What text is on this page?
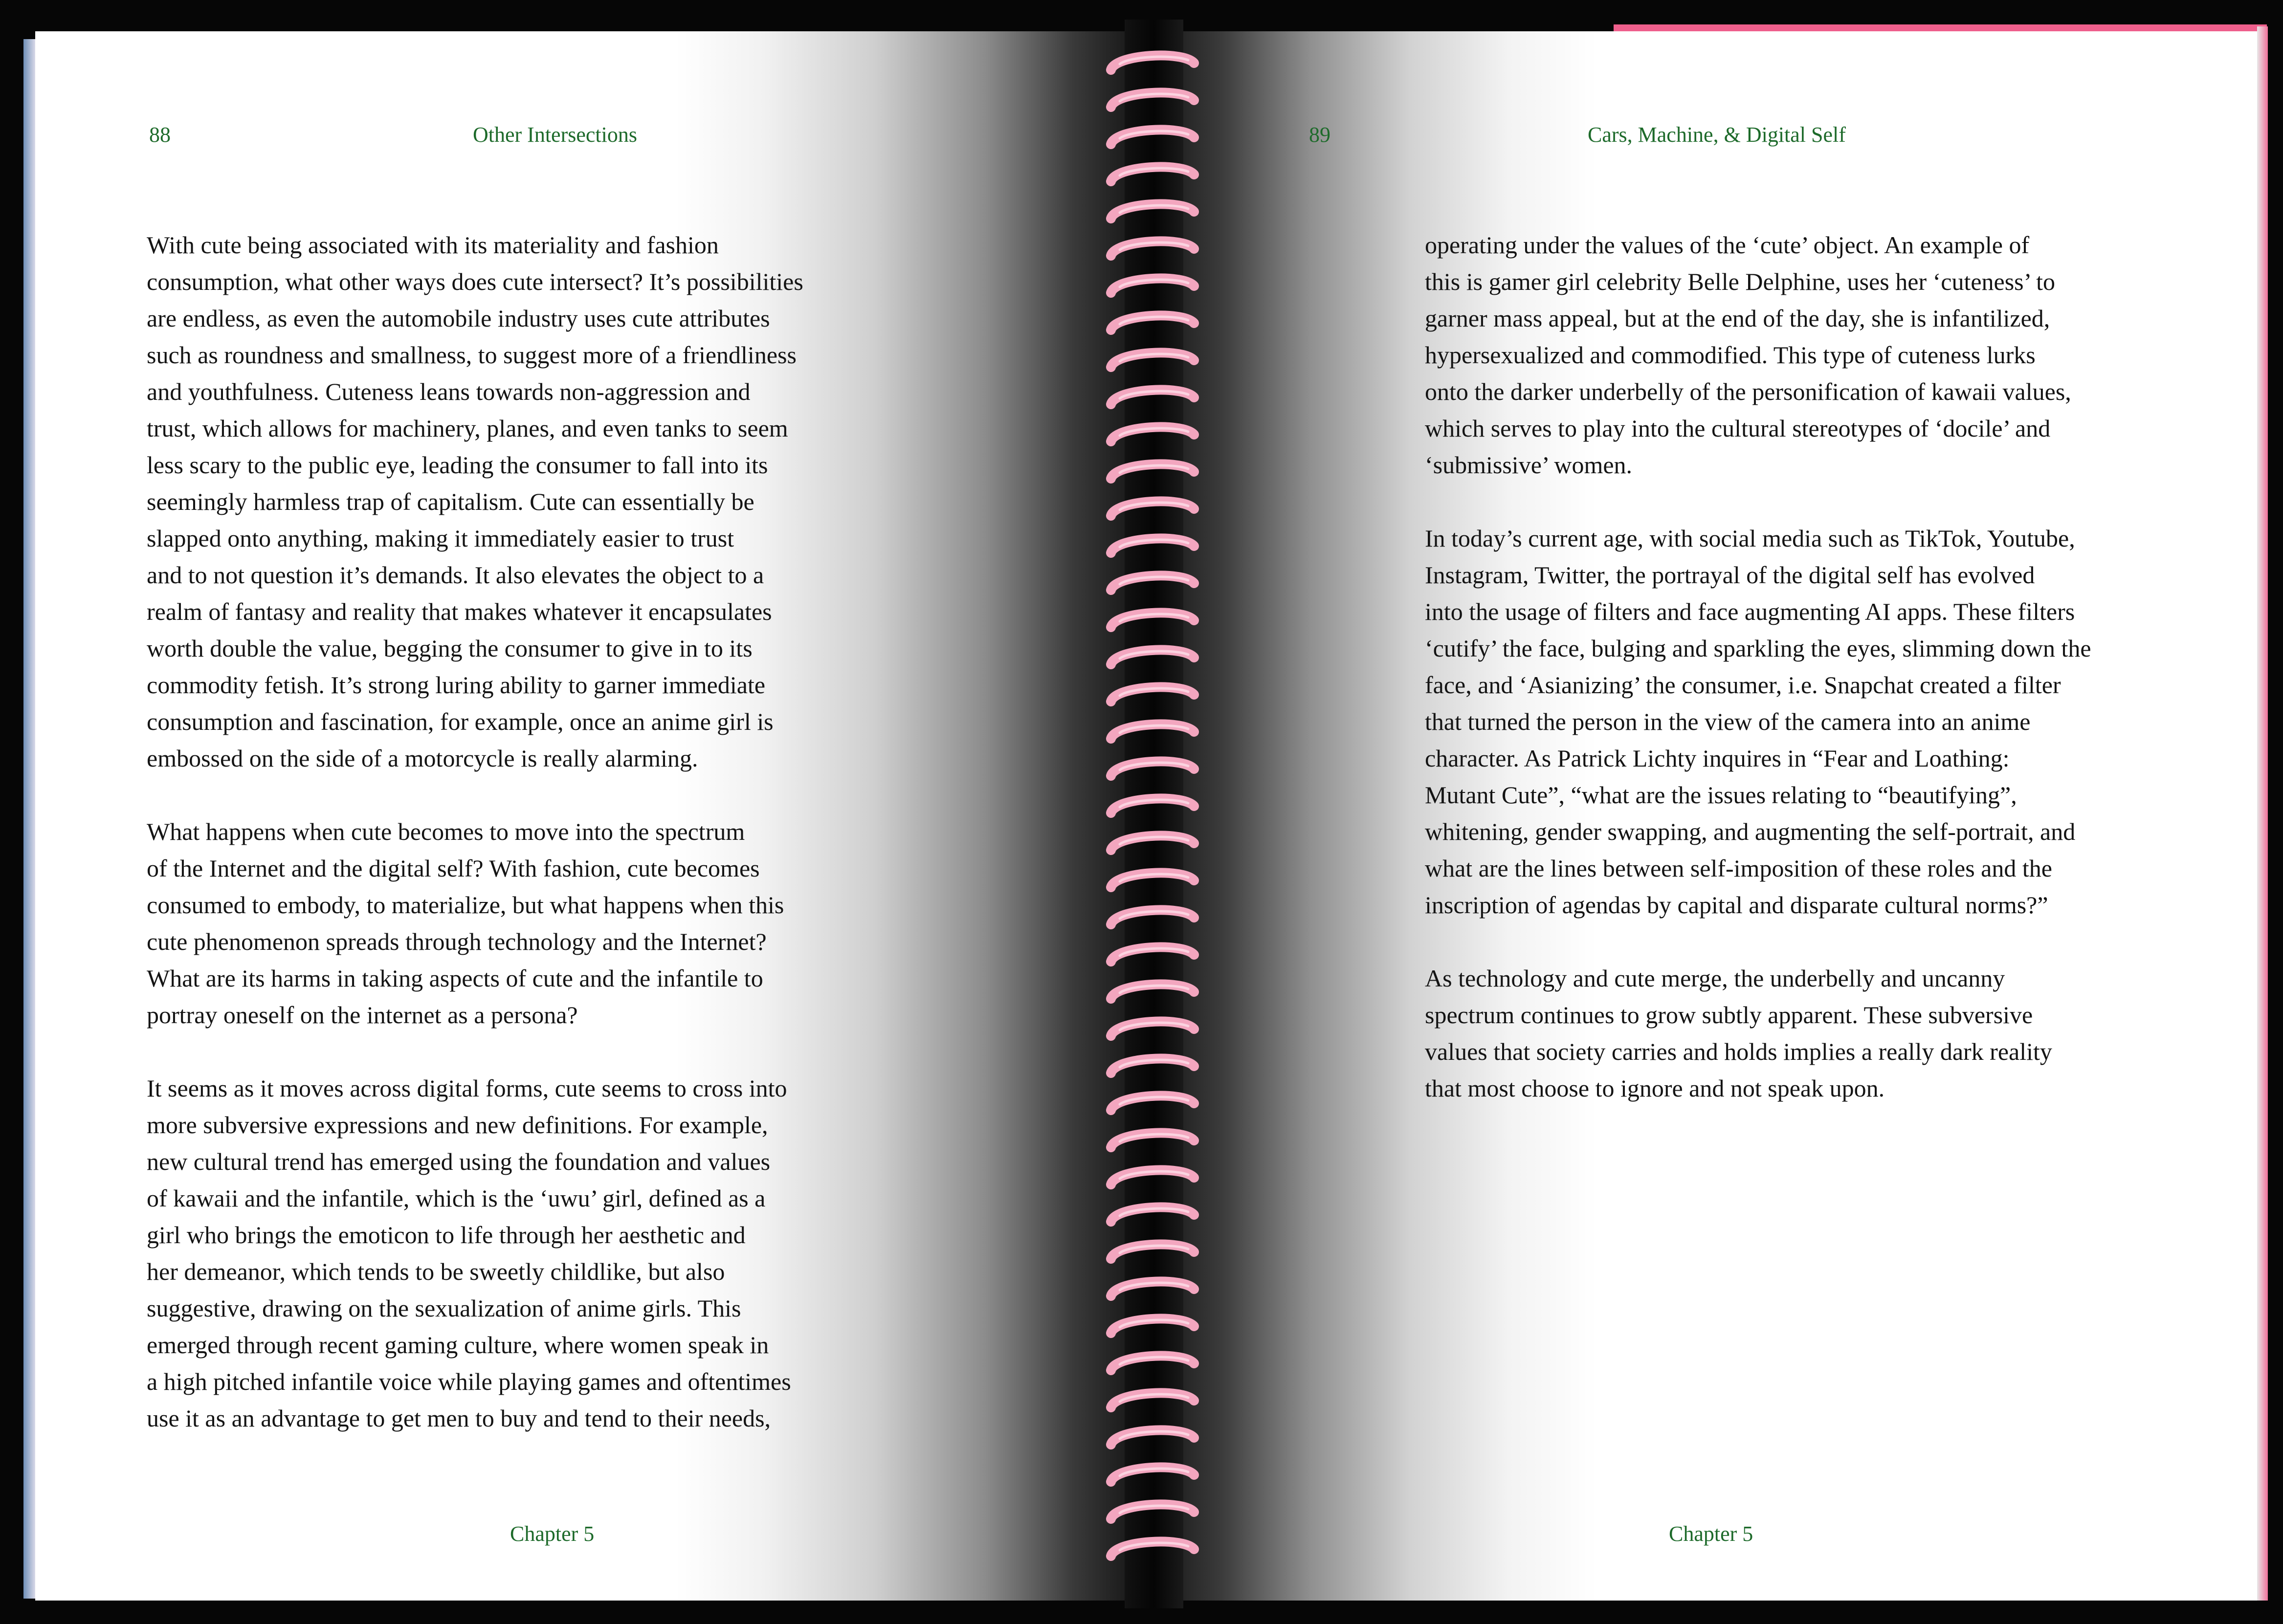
88	Other Intersections

With cute being associated with its materiality and fashion
consumption, what other ways does cute intersect? It’s possibilities
are endless, as even the automobile industry uses cute attributes
such as roundness and smallness, to suggest more of a friendliness
and youthfulness. Cuteness leans towards non-aggression and
trust, which allows for machinery, planes, and even tanks to seem
less scary to the public eye, leading the consumer to fall into its
seemingly harmless trap of capitalism. Cute can essentially be
slapped onto anything, making it immediately easier to trust
and to not question it’s demands. It also elevates the object to a
realm of fantasy and reality that makes whatever it encapsulates
worth double the value, begging the consumer to give in to its
commodity fetish. It’s strong luring ability to garner immediate
consumption and fascination, for example, once an anime girl is
embossed on the side of a motorcycle is really alarming.

What happens when cute becomes to move into the spectrum
of the Internet and the digital self? With fashion, cute becomes
consumed to embody, to materialize, but what happens when this
cute phenomenon spreads through technology and the Internet?
What are its harms in taking aspects of cute and the infantile to
portray oneself on the internet as a persona?

It seems as it moves across digital forms, cute seems to cross into
more subversive expressions and new definitions. For example,
new cultural trend has emerged using the foundation and values
of kawaii and the infantile, which is the ‘uwu’ girl, defined as a
girl who brings the emoticon to life through her aesthetic and
her demeanor, which tends to be sweetly childlike, but also
suggestive, drawing on the sexualization of anime girls. This
emerged through recent gaming culture, where women speak in
a high pitched infantile voice while playing games and oftentimes
use it as an advantage to get men to buy and tend to their needs,

Chapter 5
89	Cars, Machine, & Digital Self

operating under the values of the ‘cute’ object. An example of
this is gamer girl celebrity Belle Delphine, uses her ‘cuteness’ to
garner mass appeal, but at the end of the day, she is infantilized,
hypersexualized and commodified. This type of cuteness lurks
onto the darker underbelly of the personification of kawaii values,
which serves to play into the cultural stereotypes of ‘docile’ and
‘submissive’ women.

In today’s current age, with social media such as TikTok, Youtube,
Instagram, Twitter, the portrayal of the digital self has evolved
into the usage of filters and face augmenting AI apps. These filters
‘cutify’ the face, bulging and sparkling the eyes, slimming down the
face, and ‘Asianizing’ the consumer, i.e. Snapchat created a filter
that turned the person in the view of the camera into an anime
character. As Patrick Lichty inquires in “Fear and Loathing:
Mutant Cute”, “what are the issues relating to “beautifying”,
whitening, gender swapping, and augmenting the self-portrait, and
what are the lines between self-imposition of these roles and the
inscription of agendas by capital and disparate cultural norms?”

As technology and cute merge, the underbelly and uncanny
spectrum continues to grow subtly apparent. These subversive
values that society carries and holds implies a really dark reality
that most choose to ignore and not speak upon.

Chapter 5
